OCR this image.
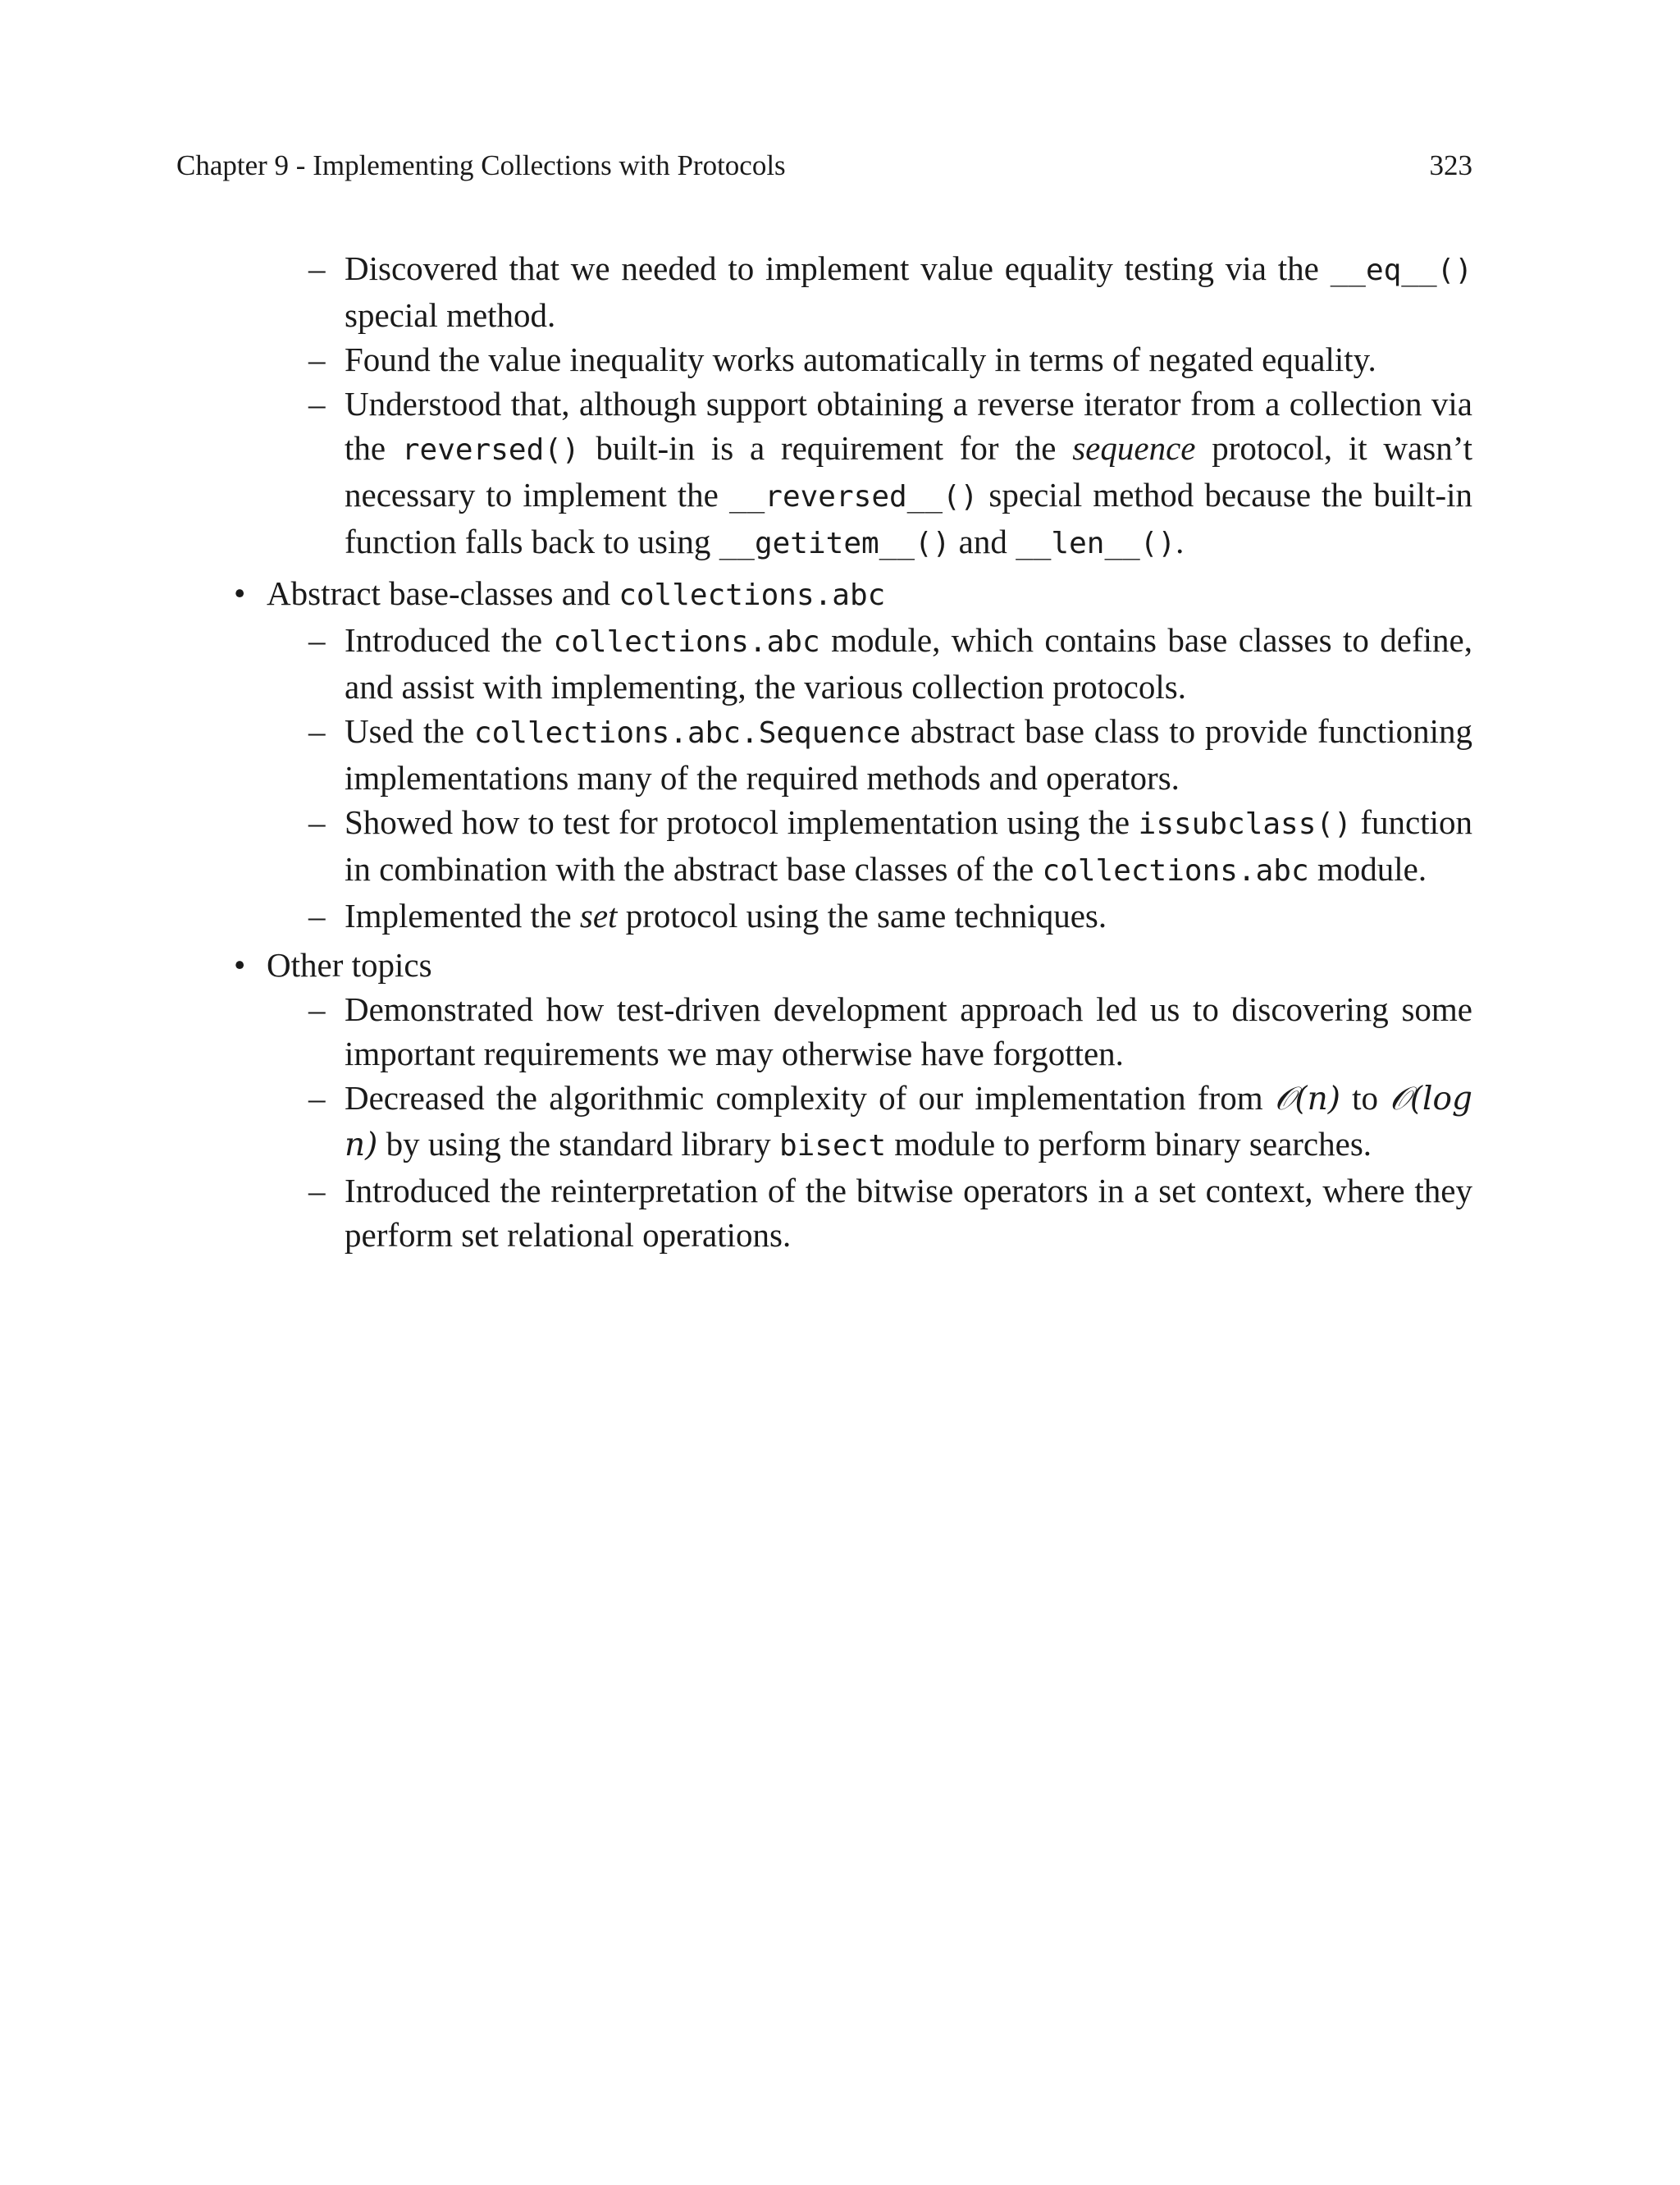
Chapter 9 - Implementing Collections with Protocols	323
– Discovered that we needed to implement value equality testing via the __eq__() special method.
– Found the value inequality works automatically in terms of negated equality.
– Understood that, although support obtaining a reverse iterator from a collection via the reversed() built-in is a requirement for the sequence protocol, it wasn’t necessary to implement the __reversed__() special method because the built-in function falls back to using __getitem__() and __len__().
• Abstract base-classes and collections.abc
– Introduced the collections.abc module, which contains base classes to define, and assist with implementing, the various collection protocols.
– Used the collections.abc.Sequence abstract base class to provide functioning implementations many of the required methods and operators.
– Showed how to test for protocol implementation using the issubclass() function in combination with the abstract base classes of the collections.abc module.
– Implemented the set protocol using the same techniques.
• Other topics
– Demonstrated how test-driven development approach led us to discovering some important requirements we may otherwise have forgotten.
– Decreased the algorithmic complexity of our implementation from 𝒪(n) to 𝒪(log n) by using the standard library bisect module to perform binary searches.
– Introduced the reinterpretation of the bitwise operators in a set context, where they perform set relational operations.
